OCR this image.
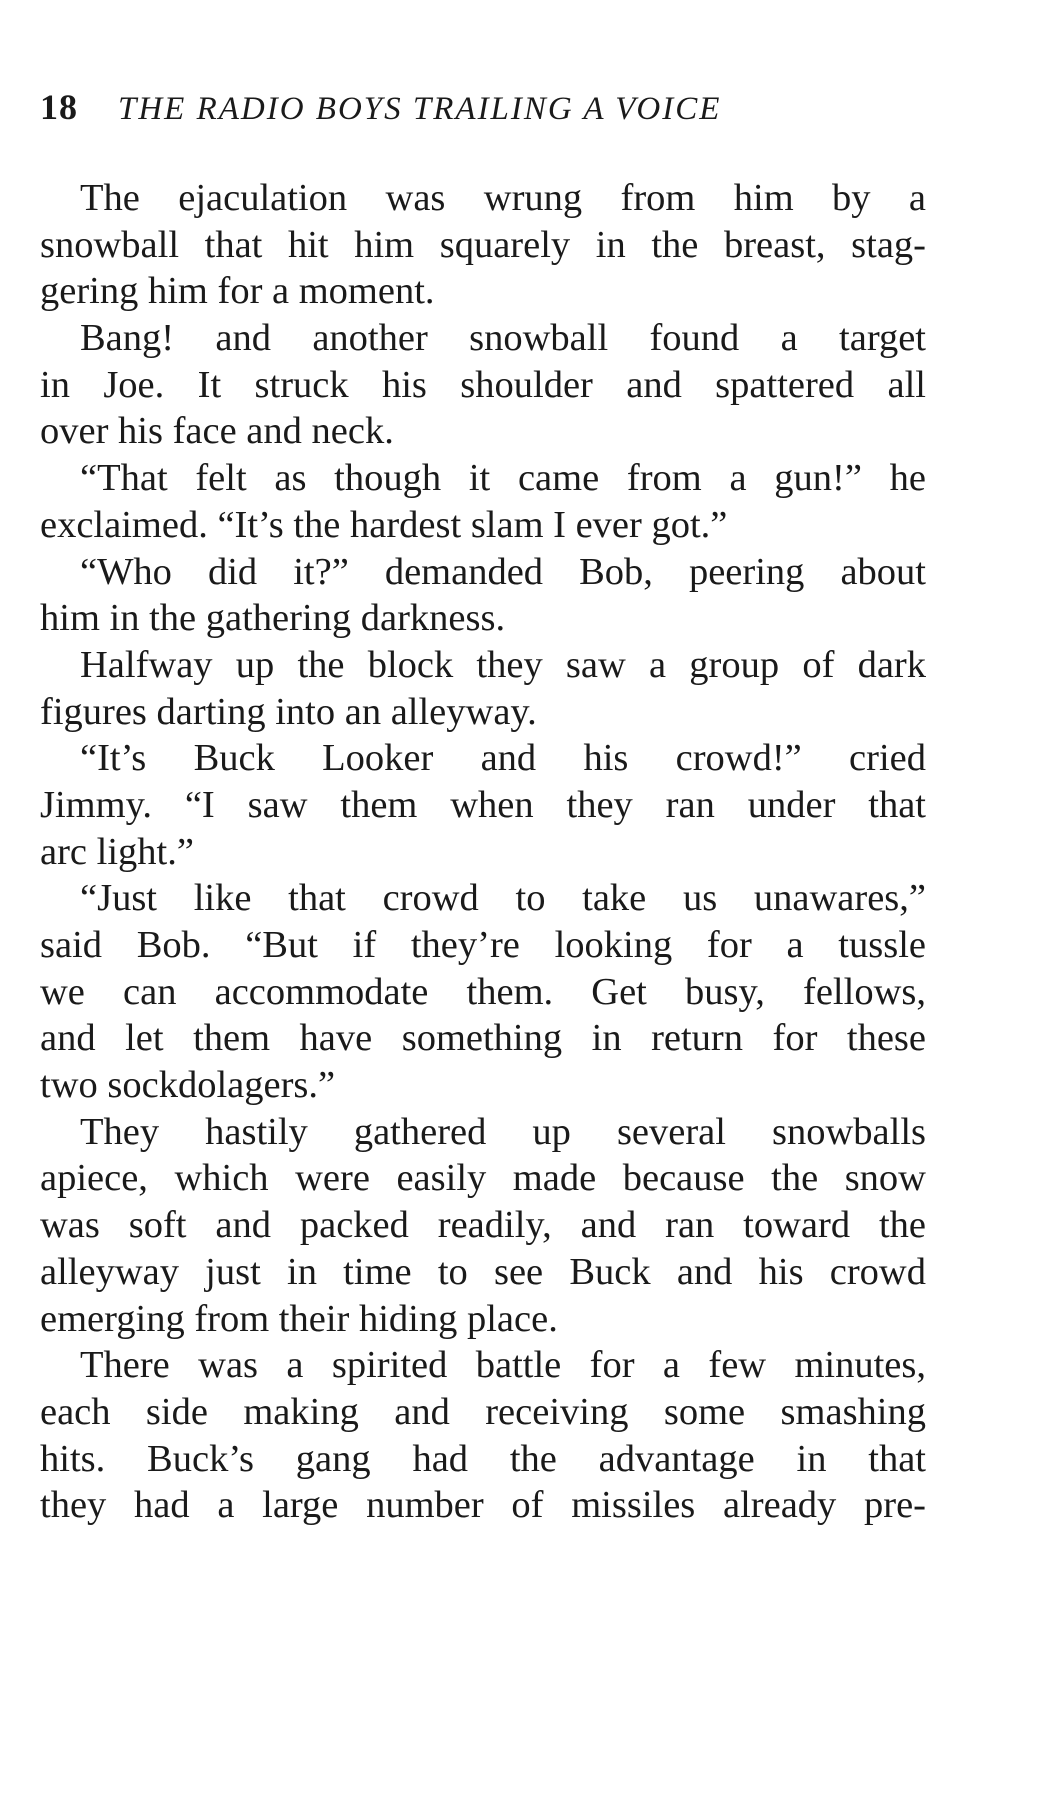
18 THE RADIO BOYS TRAILING A VOICE
The ejaculation was wrung from him by a
snowball that hit him squarely in the breast, stag-
gering him for a moment.
Bang! and another snowball found a target
in Joe. It struck his shoulder and spattered all
over his face and neck.
“That felt as though it came from a gun!” he
exclaimed. “It’s the hardest slam I ever got.”
“Who did it?” demanded Bob, peering about
him in the gathering darkness.
Halfway up the block they saw a group of dark
figures darting into an alleyway.
“It’s Buck Looker and his crowd!” cried
Jimmy. “I saw them when they ran under that
arc light.”
“Just like that crowd to take us unawares,”
said Bob. “But if they’re looking for a tussle
we can accommodate them. Get busy, fellows,
and let them have something in return for these
two sockdolagers.”
They hastily gathered up several snowballs
apiece, which were easily made because the snow
was soft and packed readily, and ran toward the
alleyway just in time to see Buck and his crowd
emerging from their hiding place.
There was a spirited battle for a few minutes,
each side making and receiving some smashing
hits. Buck’s gang had the advantage in that
they had a large number of missiles already pre-
